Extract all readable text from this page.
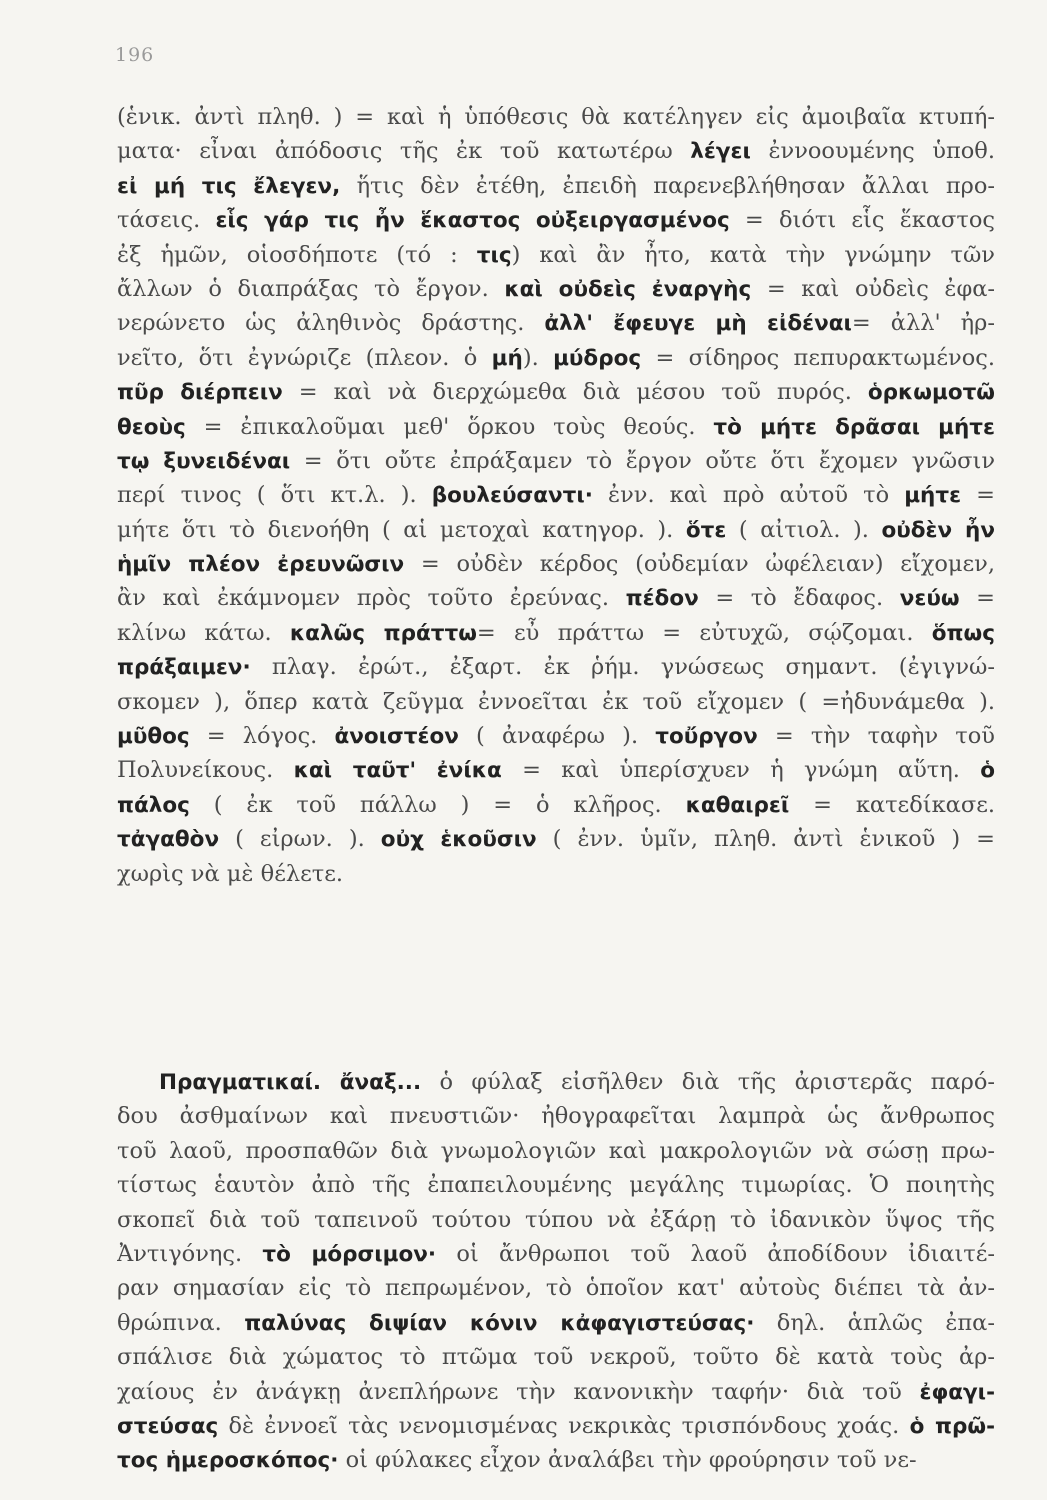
196
(ἑνικ. ἀντὶ πληθ. ) = καὶ ἡ ὑπόθεσις θὰ κατέληγεν εἰς ἀμοιβαῖα κτυπή-
ματα· εἶναι ἀπόδοσις τῆς ἐκ τοῦ κατωτέρω λέγει ἐννοουμένης ὑποθ.
εἰ μή τις ἔλεγεν, ἥτις δὲν ἐτέθη, ἐπειδὴ παρενεβλήθησαν ἄλλαι προ-
τάσεις. εἷς γάρ τις ἦν ἕκαστος οὐξειργασμένος = διότι εἷς ἕκαστος
ἐξ ἡμῶν, οἱοσδήποτε (τό : τις) καὶ ἂν ἦτο, κατὰ τὴν γνώμην τῶν
ἄλλων ὁ διαπράξας τὸ ἔργον. καὶ οὐδεὶς ἐναργὴς = καὶ οὐδεὶς ἐφα-
νερώνετο ὡς ἀληθινὸς δράστης. ἀλλ' ἔφευγε μὴ εἰδέναι= ἀλλ' ἠρ-
νεῖτο, ὅτι ἐγνώριζε (πλεον. ὁ μή). μύδρος = σίδηρος πεπυρακτωμένος.
πῦρ διέρπειν = καὶ νὰ διερχώμεθα διὰ μέσου τοῦ πυρός. ὁρκωμοτῶ
θεοὺς = ἐπικαλοῦμαι μεθ' ὅρκου τοὺς θεούς. τὸ μήτε δρᾶσαι μήτε
τῳ ξυνειδέναι = ὅτι οὔτε ἐπράξαμεν τὸ ἔργον οὔτε ὅτι ἔχομεν γνῶσιν
περί τινος ( ὅτι κτ.λ. ). βουλεύσαντι· ἐνν. καὶ πρὸ αὐτοῦ τὸ μήτε =
μήτε ὅτι τὸ διενοήθη ( αἱ μετοχαὶ κατηγορ. ). ὅτε ( αἰτιολ. ). οὐδὲν ἦν
ἡμῖν πλέον ἐρευνῶσιν = οὐδὲν κέρδος (οὐδεμίαν ὠφέλειαν) εἴχομεν,
ἂν καὶ ἐκάμνομεν πρὸς τοῦτο ἐρεύνας. πέδον = τὸ ἔδαφος. νεύω =
κλίνω κάτω. καλῶς πράττω= εὖ πράττω = εὐτυχῶ, σῴζομαι. ὅπως
πράξαιμεν· πλαγ. ἐρώτ., ἐξαρτ. ἐκ ῥήμ. γνώσεως σημαντ. (ἐγιγνώ-
σκομεν ), ὅπερ κατὰ ζεῦγμα ἐννοεῖται ἐκ τοῦ εἴχομεν ( =ἠδυνάμεθα ).
μῦθος = λόγος. ἀνοιστέον ( ἀναφέρω ). τοὔργον = τὴν ταφὴν τοῦ
Πολυνείκους. καὶ ταῦτ' ἐνίκα = καὶ ὑπερίσχυεν ἡ γνώμη αὕτη. ὁ
πάλος ( ἐκ τοῦ πάλλω ) = ὁ κλῆρος. καθαιρεῖ = κατεδίκασε.
τἀγαθὸν ( εἰρων. ). οὐχ ἑκοῦσιν ( ἐνν. ὑμῖν, πληθ. ἀντὶ ἑνικοῦ ) =
χωρὶς νὰ μὲ θέλετε.
Πραγματικαί. ἄναξ... ὁ φύλαξ εἰσῆλθεν διὰ τῆς ἀριστερᾶς παρό-
δου ἀσθμαίνων καὶ πνευστιῶν· ἠθογραφεῖται λαμπρὰ ὡς ἄνθρωπος
τοῦ λαοῦ, προσπαθῶν διὰ γνωμολογιῶν καὶ μακρολογιῶν νὰ σώσῃ πρω-
τίστως ἑαυτὸν ἀπὸ τῆς ἐπαπειλουμένης μεγάλης τιμωρίας. Ὁ ποιητὴς
σκοπεῖ διὰ τοῦ ταπεινοῦ τούτου τύπου νὰ ἐξάρῃ τὸ ἰδανικὸν ὕψος τῆς
Ἀντιγόνης. τὸ μόρσιμον· οἱ ἄνθρωποι τοῦ λαοῦ ἀποδίδουν ἰδιαιτέ-
ραν σημασίαν εἰς τὸ πεπρωμένον, τὸ ὁποῖον κατ' αὐτοὺς διέπει τὰ ἀν-
θρώπινα. παλύνας διψίαν κόνιν κἀφαγιστεύσας· δηλ. ἁπλῶς ἐπα-
σπάλισε διὰ χώματος τὸ πτῶμα τοῦ νεκροῦ, τοῦτο δὲ κατὰ τοὺς ἀρ-
χαίους ἐν ἀνάγκῃ ἀνεπλήρωνε τὴν κανονικὴν ταφήν· διὰ τοῦ ἐφαγι-
στεύσας δὲ ἐννοεῖ τὰς νενομισμένας νεκρικὰς τρισπόνδους χοάς. ὁ πρῶ-
τος ἡμεροσκόπος· οἱ φύλακες εἶχον ἀναλάβει τὴν φρούρησιν τοῦ νε-
